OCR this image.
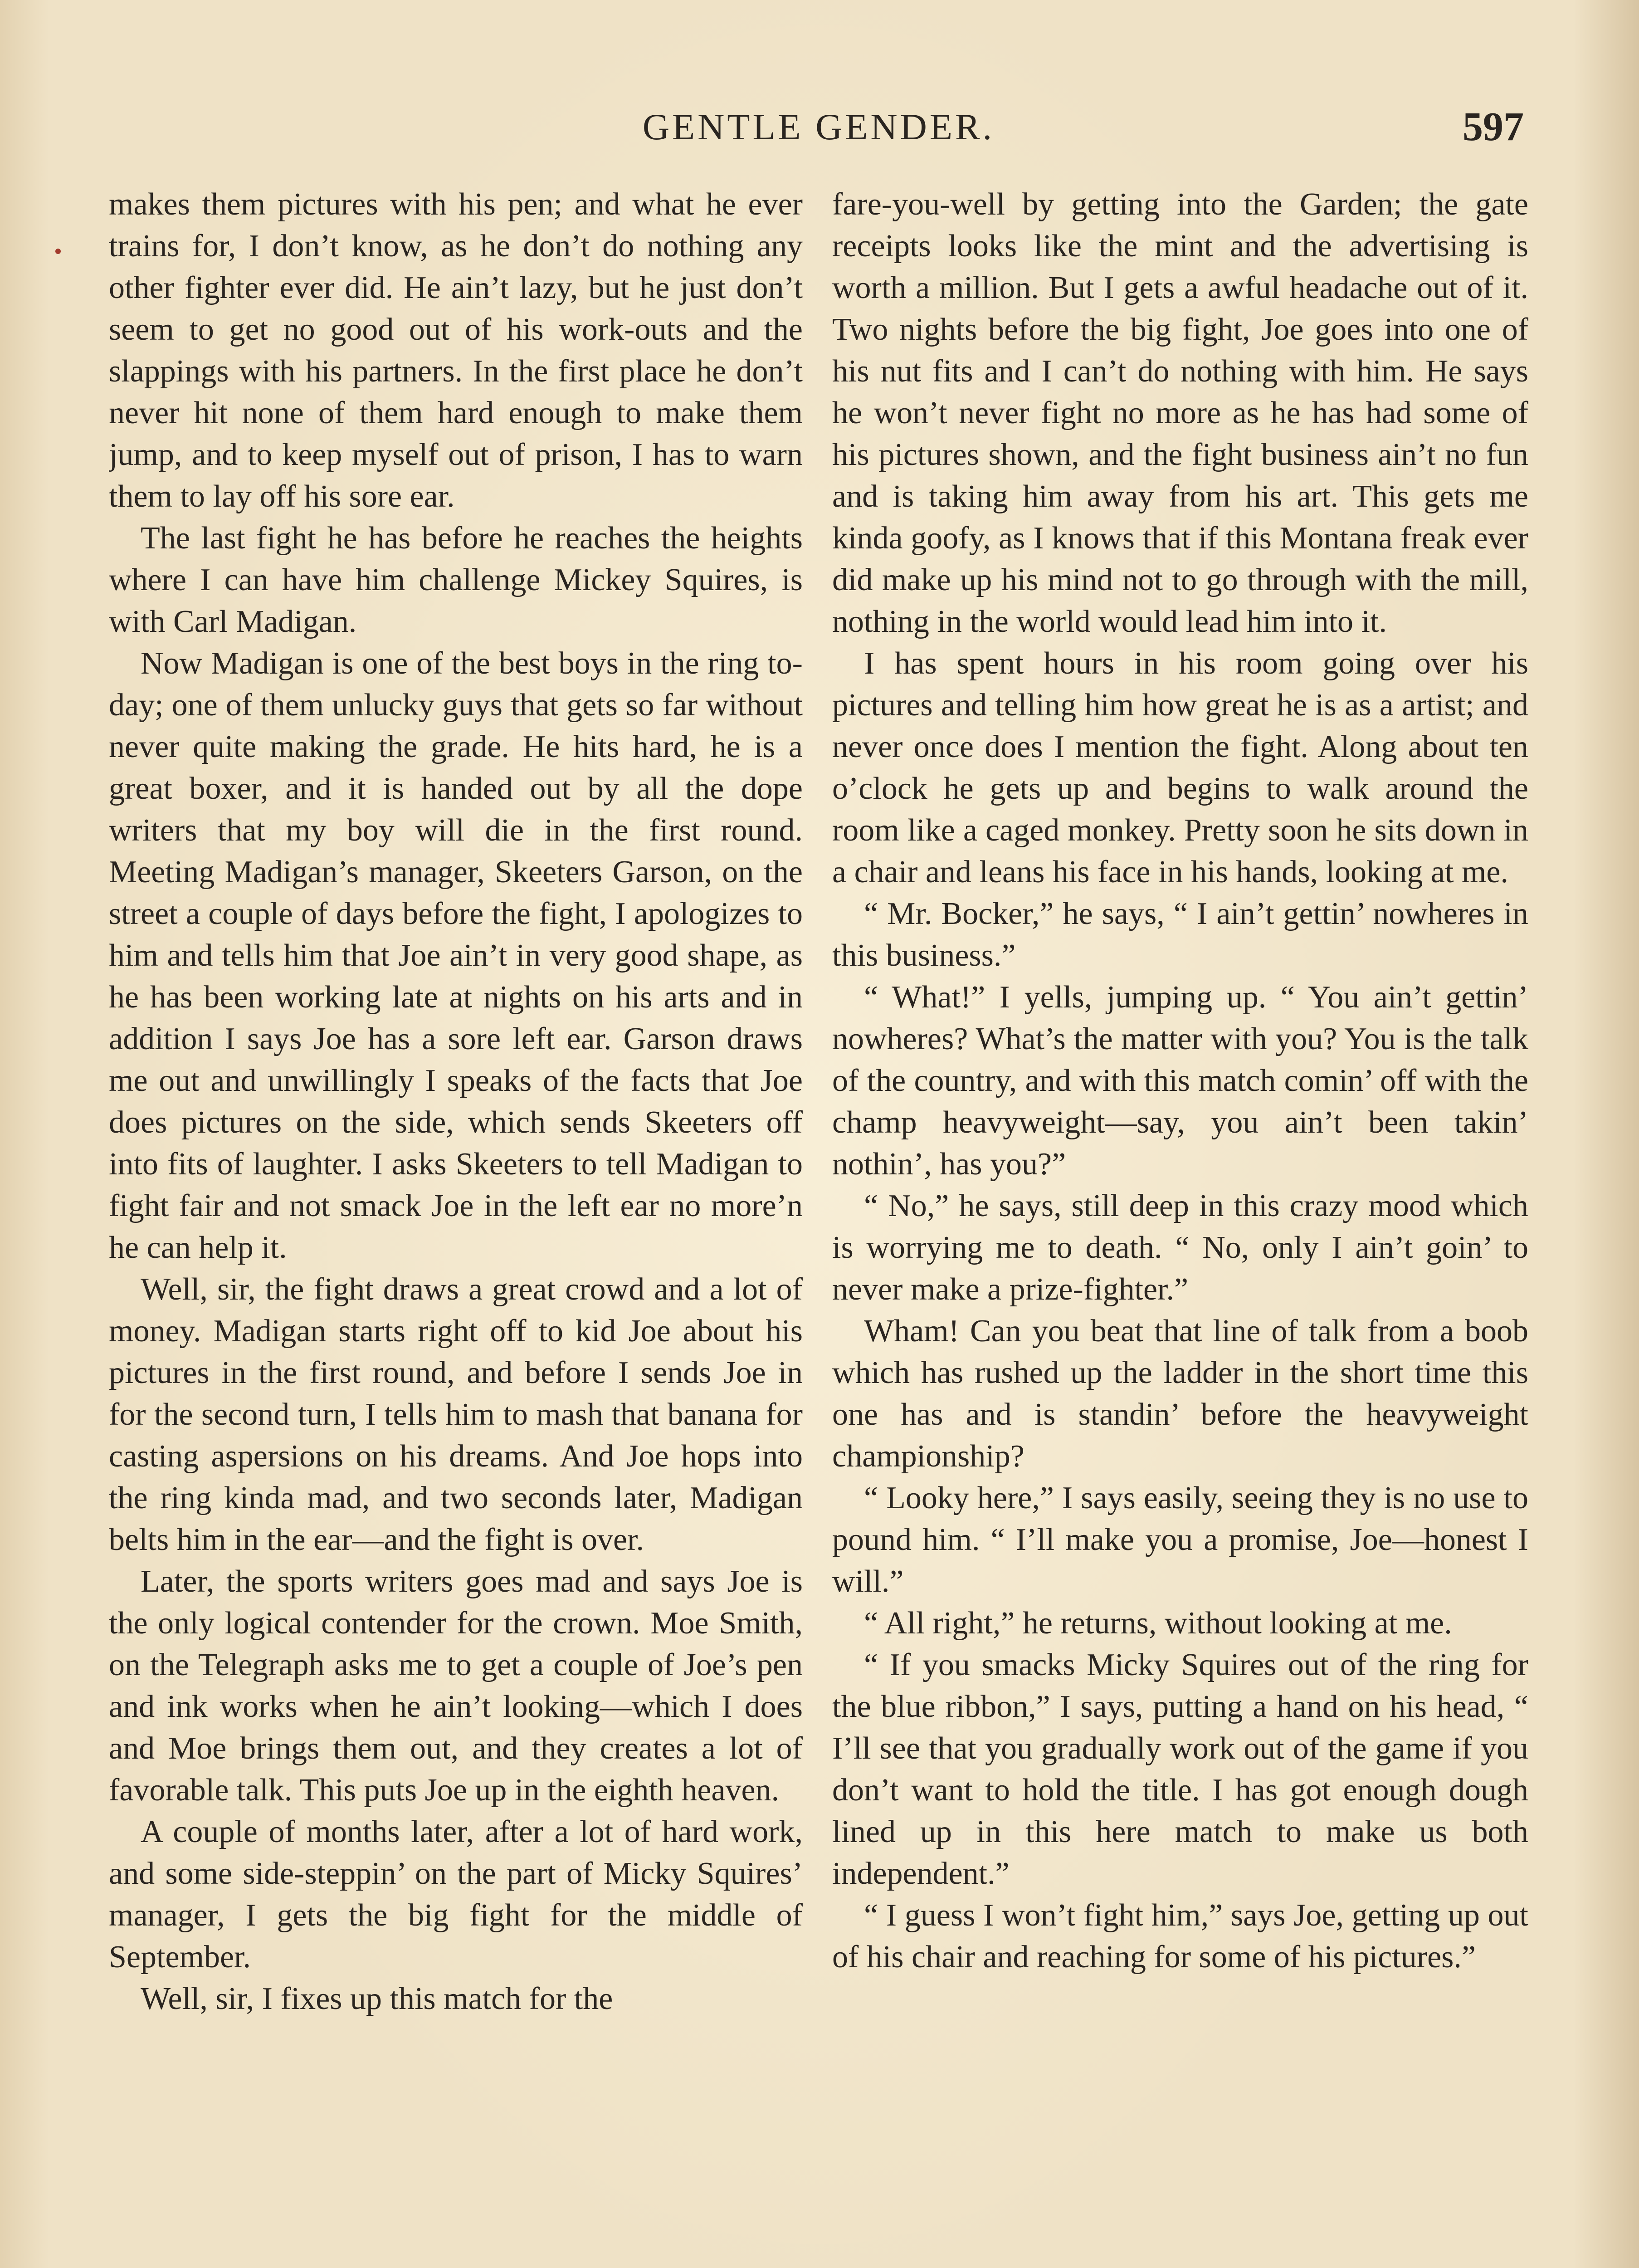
GENTLE GENDER.	597

makes them pictures with his pen; and what he ever trains for, I don’t know, as he don’t do nothing any other fighter ever did. He ain’t lazy, but he just don’t seem to get no good out of his work-outs and the slappings with his partners. In the first place he don’t never hit none of them hard enough to make them jump, and to keep myself out of prison, I has to warn them to lay off his sore ear.

The last fight he has before he reaches the heights where I can have him challenge Mickey Squires, is with Carl Madigan.

Now Madigan is one of the best boys in the ring to-day; one of them unlucky guys that gets so far without never quite making the grade. He hits hard, he is a great boxer, and it is handed out by all the dope writers that my boy will die in the first round. Meeting Madigan’s manager, Skeeters Garson, on the street a couple of days before the fight, I apologizes to him and tells him that Joe ain’t in very good shape, as he has been working late at nights on his arts and in addition I says Joe has a sore left ear. Garson draws me out and unwillingly I speaks of the facts that Joe does pictures on the side, which sends Skeeters off into fits of laughter. I asks Skeeters to tell Madigan to fight fair and not smack Joe in the left ear no more’n he can help it.

Well, sir, the fight draws a great crowd and a lot of money. Madigan starts right off to kid Joe about his pictures in the first round, and before I sends Joe in for the second turn, I tells him to mash that banana for casting aspersions on his dreams. And Joe hops into the ring kinda mad, and two seconds later, Madigan belts him in the ear—and the fight is over.

Later, the sports writers goes mad and says Joe is the only logical contender for the crown. Moe Smith, on the Telegraph asks me to get a couple of Joe’s pen and ink works when he ain’t looking—which I does and Moe brings them out, and they creates a lot of favorable talk. This puts Joe up in the eighth heaven.

A couple of months later, after a lot of hard work, and some side-steppin’ on the part of Micky Squires’ manager, I gets the big fight for the middle of September.

Well, sir, I fixes up this match for the

fare-you-well by getting into the Garden; the gate receipts looks like the mint and the advertising is worth a million. But I gets a awful headache out of it. Two nights before the big fight, Joe goes into one of his nut fits and I can’t do nothing with him. He says he won’t never fight no more as he has had some of his pictures shown, and the fight business ain’t no fun and is taking him away from his art. This gets me kinda goofy, as I knows that if this Montana freak ever did make up his mind not to go through with the mill, nothing in the world would lead him into it.

I has spent hours in his room going over his pictures and telling him how great he is as a artist; and never once does I mention the fight. Along about ten o’clock he gets up and begins to walk around the room like a caged monkey. Pretty soon he sits down in a chair and leans his face in his hands, looking at me.

“ Mr. Bocker,” he says, “ I ain’t gettin’ nowheres in this business.”

“ What!” I yells, jumping up. “ You ain’t gettin’ nowheres? What’s the matter with you? You is the talk of the country, and with this match comin’ off with the champ heavyweight—say, you ain’t been takin’ nothin’, has you?”

“ No,” he says, still deep in this crazy mood which is worrying me to death. “ No, only I ain’t goin’ to never make a prize-fighter.”

Wham! Can you beat that line of talk from a boob which has rushed up the ladder in the short time this one has and is standin’ before the heavyweight championship?

“ Looky here,” I says easily, seeing they is no use to pound him. “ I’ll make you a promise, Joe—honest I will.”

“ All right,” he returns, without looking at me.

“ If you smacks Micky Squires out of the ring for the blue ribbon,” I says, putting a hand on his head, “ I’ll see that you gradually work out of the game if you don’t want to hold the title. I has got enough dough lined up in this here match to make us both independent.”

“ I guess I won’t fight him,” says Joe, getting up out of his chair and reaching for some of his pictures.”
